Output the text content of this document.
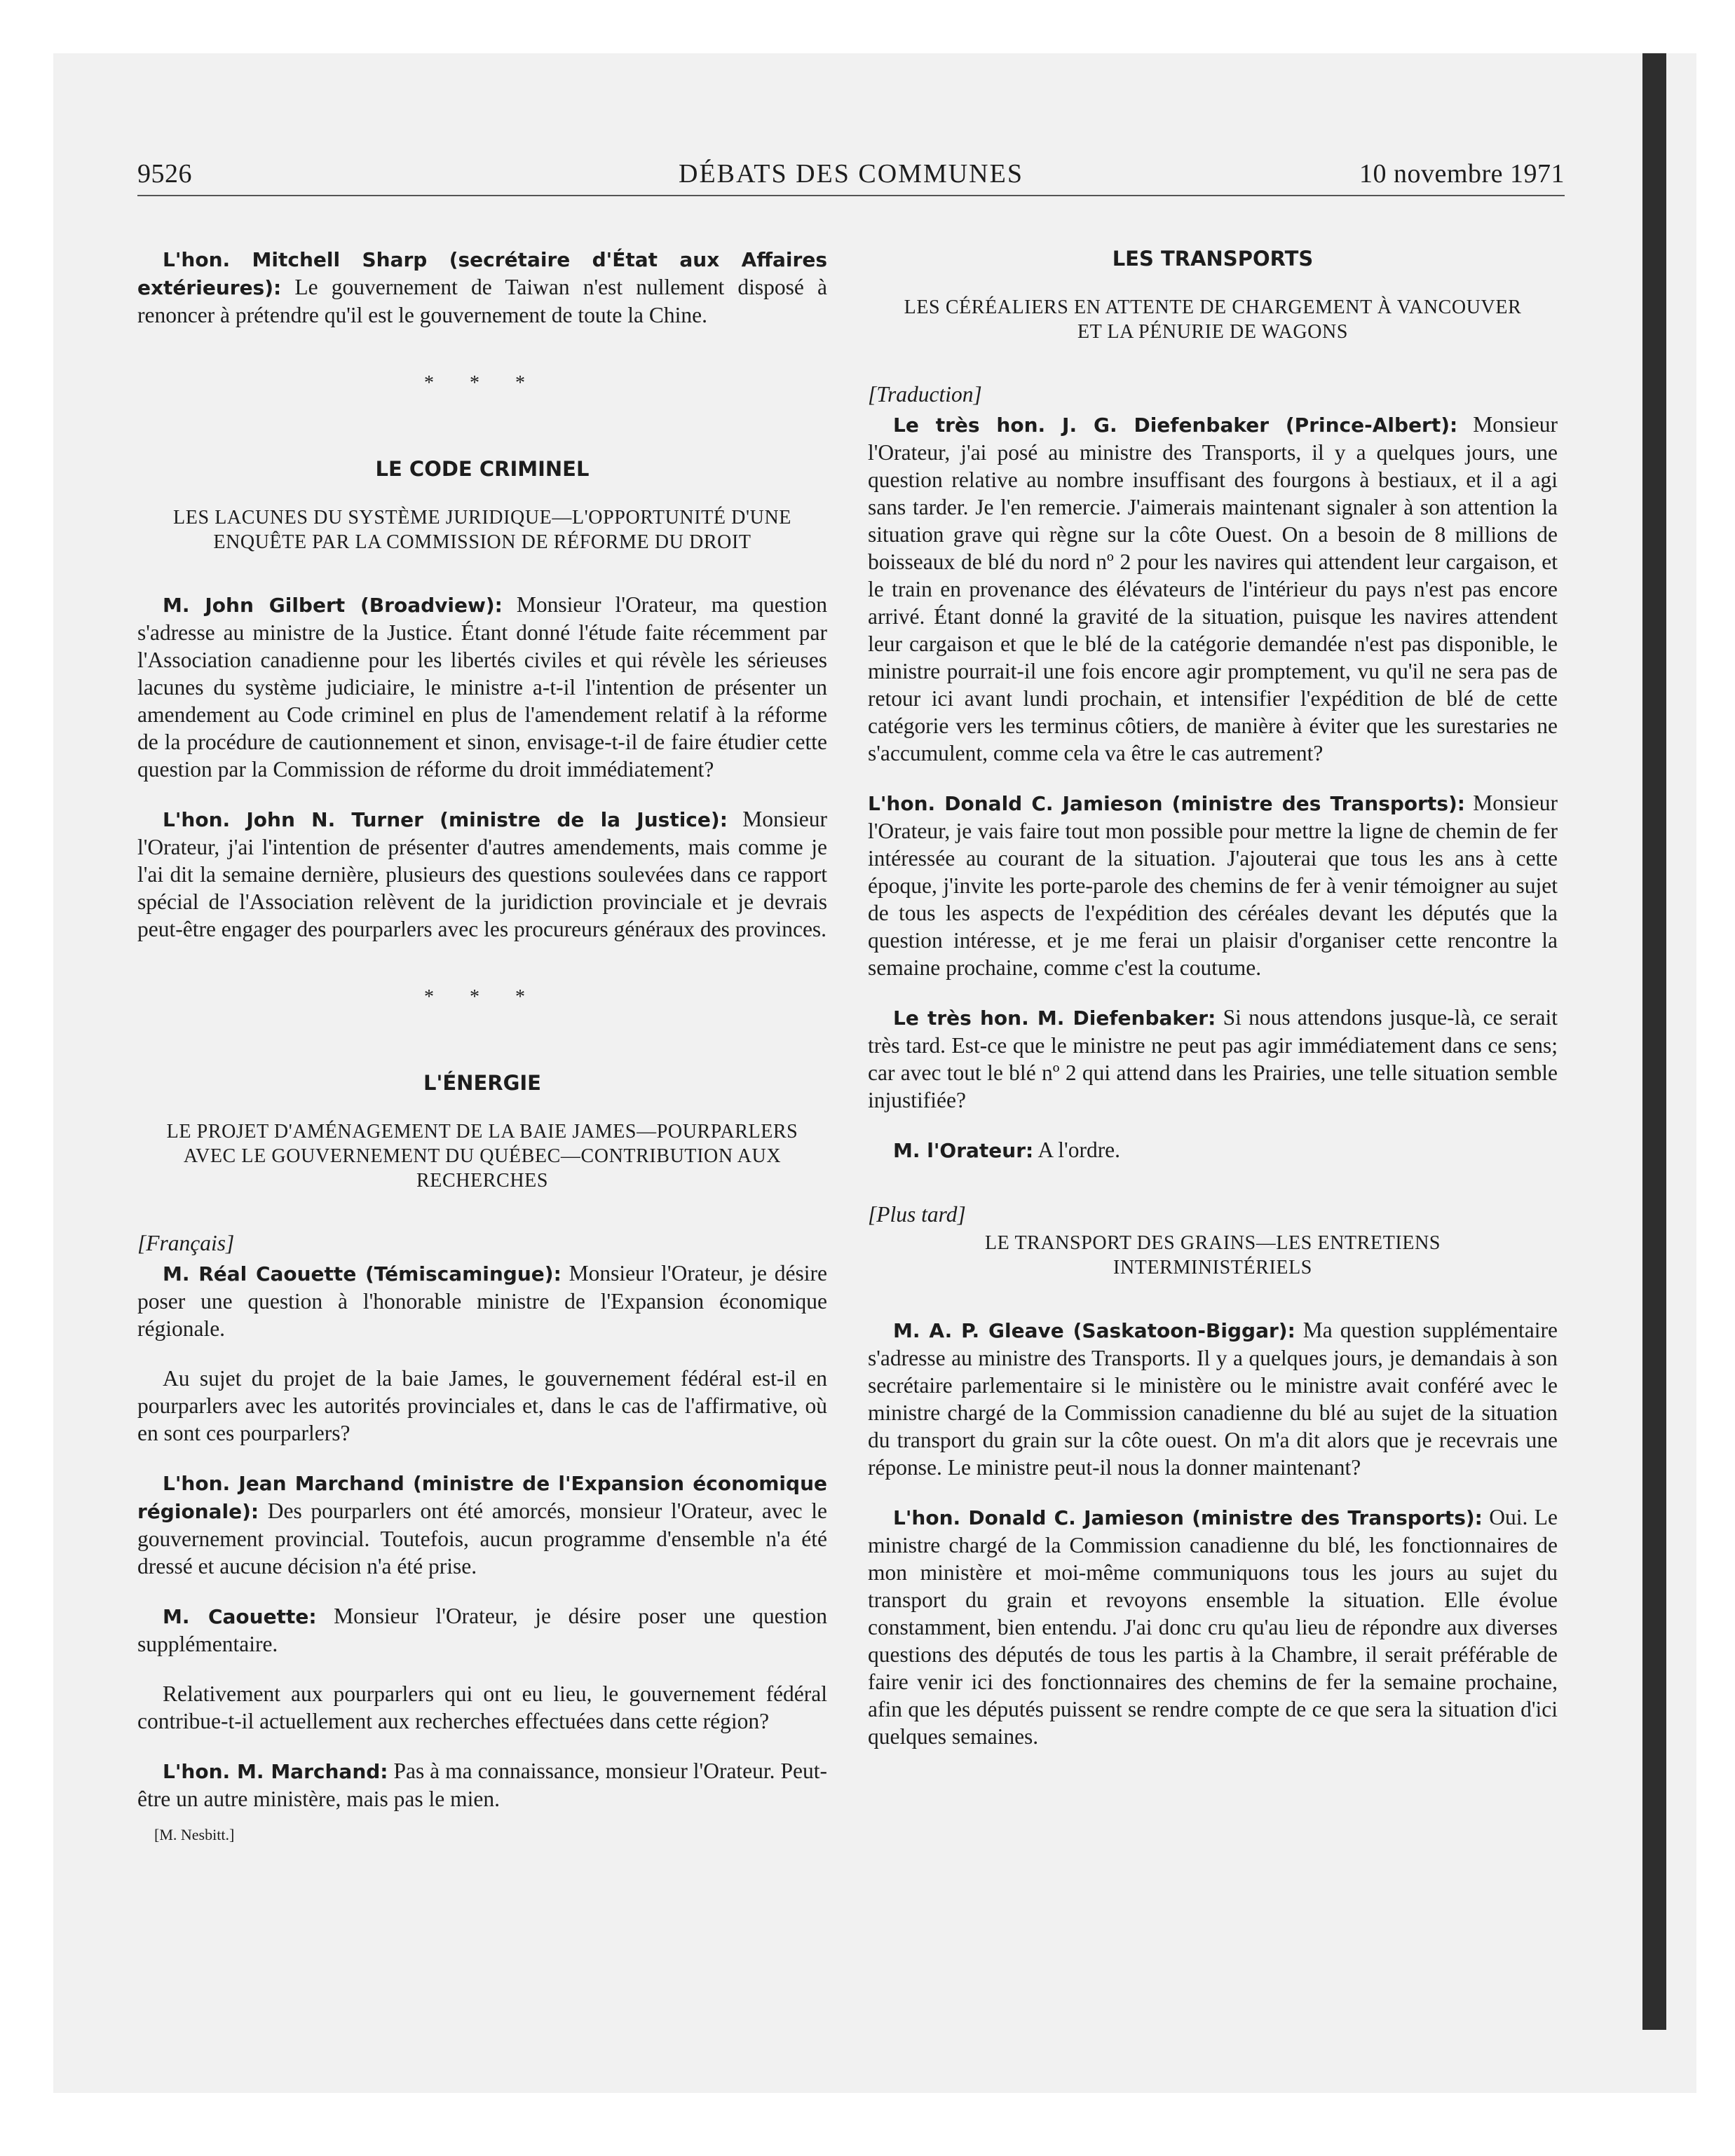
9526	DÉBATS DES COMMUNES	10 novembre 1971

L'hon. Mitchell Sharp (secrétaire d'État aux Affaires extérieures): Le gouvernement de Taiwan n'est nullement disposé à renoncer à prétendre qu'il est le gouvernement de toute la Chine.

* * *
LE CODE CRIMINEL
LES LACUNES DU SYSTÈME JURIDIQUE—L'OPPORTUNITÉ D'UNE ENQUÊTE PAR LA COMMISSION DE RÉFORME DU DROIT

M. John Gilbert (Broadview): Monsieur l'Orateur, ma question s'adresse au ministre de la Justice. Étant donné l'étude faite récemment par l'Association canadienne pour les libertés civiles et qui révèle les sérieuses lacunes du système judiciaire, le ministre a-t-il l'intention de présenter un amendement au Code criminel en plus de l'amendement relatif à la réforme de la procédure de cautionnement et sinon, envisage-t-il de faire étudier cette question par la Commission de réforme du droit immédiatement?

L'hon. John N. Turner (ministre de la Justice): Monsieur l'Orateur, j'ai l'intention de présenter d'autres amendements, mais comme je l'ai dit la semaine dernière, plusieurs des questions soulevées dans ce rapport spécial de l'Association relèvent de la juridiction provinciale et je devrais peut-être engager des pourparlers avec les procureurs généraux des provinces.

* * *
L'ÉNERGIE
LE PROJET D'AMÉNAGEMENT DE LA BAIE JAMES—POURPARLERS AVEC LE GOUVERNEMENT DU QUÉBEC—CONTRIBUTION AUX RECHERCHES
[Français]

M. Réal Caouette (Témiscamingue): Monsieur l'Orateur, je désire poser une question à l'honorable ministre de l'Expansion économique régionale.

Au sujet du projet de la baie James, le gouvernement fédéral est-il en pourparlers avec les autorités provinciales et, dans le cas de l'affirmative, où en sont ces pourparlers?

L'hon. Jean Marchand (ministre de l'Expansion économique régionale): Des pourparlers ont été amorcés, monsieur l'Orateur, avec le gouvernement provincial. Toutefois, aucun programme d'ensemble n'a été dressé et aucune décision n'a été prise.

M. Caouette: Monsieur l'Orateur, je désire poser une question supplémentaire.

Relativement aux pourparlers qui ont eu lieu, le gouvernement fédéral contribue-t-il actuellement aux recherches effectuées dans cette région?

L'hon. M. Marchand: Pas à ma connaissance, monsieur l'Orateur. Peut-être un autre ministère, mais pas le mien.

[M. Nesbitt.]
LES TRANSPORTS
LES CÉRÉALIERS EN ATTENTE DE CHARGEMENT À VANCOUVER ET LA PÉNURIE DE WAGONS
[Traduction]

Le très hon. J. G. Diefenbaker (Prince-Albert): Monsieur l'Orateur, j'ai posé au ministre des Transports, il y a quelques jours, une question relative au nombre insuffisant des fourgons à bestiaux, et il a agi sans tarder. Je l'en remercie. J'aimerais maintenant signaler à son attention la situation grave qui règne sur la côte Ouest. On a besoin de 8 millions de boisseaux de blé du nord nº 2 pour les navires qui attendent leur cargaison, et le train en provenance des élévateurs de l'intérieur du pays n'est pas encore arrivé. Étant donné la gravité de la situation, puisque les navires attendent leur cargaison et que le blé de la catégorie demandée n'est pas disponible, le ministre pourrait-il une fois encore agir promptement, vu qu'il ne sera pas de retour ici avant lundi prochain, et intensifier l'expédition de blé de cette catégorie vers les terminus côtiers, de manière à éviter que les surestaries ne s'accumulent, comme cela va être le cas autrement?

L'hon. Donald C. Jamieson (ministre des Transports): Monsieur l'Orateur, je vais faire tout mon possible pour mettre la ligne de chemin de fer intéressée au courant de la situation. J'ajouterai que tous les ans à cette époque, j'invite les porte-parole des chemins de fer à venir témoigner au sujet de tous les aspects de l'expédition des céréales devant les députés que la question intéresse, et je me ferai un plaisir d'organiser cette rencontre la semaine prochaine, comme c'est la coutume.

Le très hon. M. Diefenbaker: Si nous attendons jusque-là, ce serait très tard. Est-ce que le ministre ne peut pas agir immédiatement dans ce sens; car avec tout le blé nº 2 qui attend dans les Prairies, une telle situation semble injustifiée?

M. l'Orateur: A l'ordre.

[Plus tard]
LE TRANSPORT DES GRAINS—LES ENTRETIENS INTERMINISTÉRIELS

M. A. P. Gleave (Saskatoon-Biggar): Ma question supplémentaire s'adresse au ministre des Transports. Il y a quelques jours, je demandais à son secrétaire parlementaire si le ministère ou le ministre avait conféré avec le ministre chargé de la Commission canadienne du blé au sujet de la situation du transport du grain sur la côte ouest. On m'a dit alors que je recevrais une réponse. Le ministre peut-il nous la donner maintenant?

L'hon. Donald C. Jamieson (ministre des Transports): Oui. Le ministre chargé de la Commission canadienne du blé, les fonctionnaires de mon ministère et moi-même communiquons tous les jours au sujet du transport du grain et revoyons ensemble la situation. Elle évolue constamment, bien entendu. J'ai donc cru qu'au lieu de répondre aux diverses questions des députés de tous les partis à la Chambre, il serait préférable de faire venir ici des fonctionnaires des chemins de fer la semaine prochaine, afin que les députés puissent se rendre compte de ce que sera la situation d'ici quelques semaines.
